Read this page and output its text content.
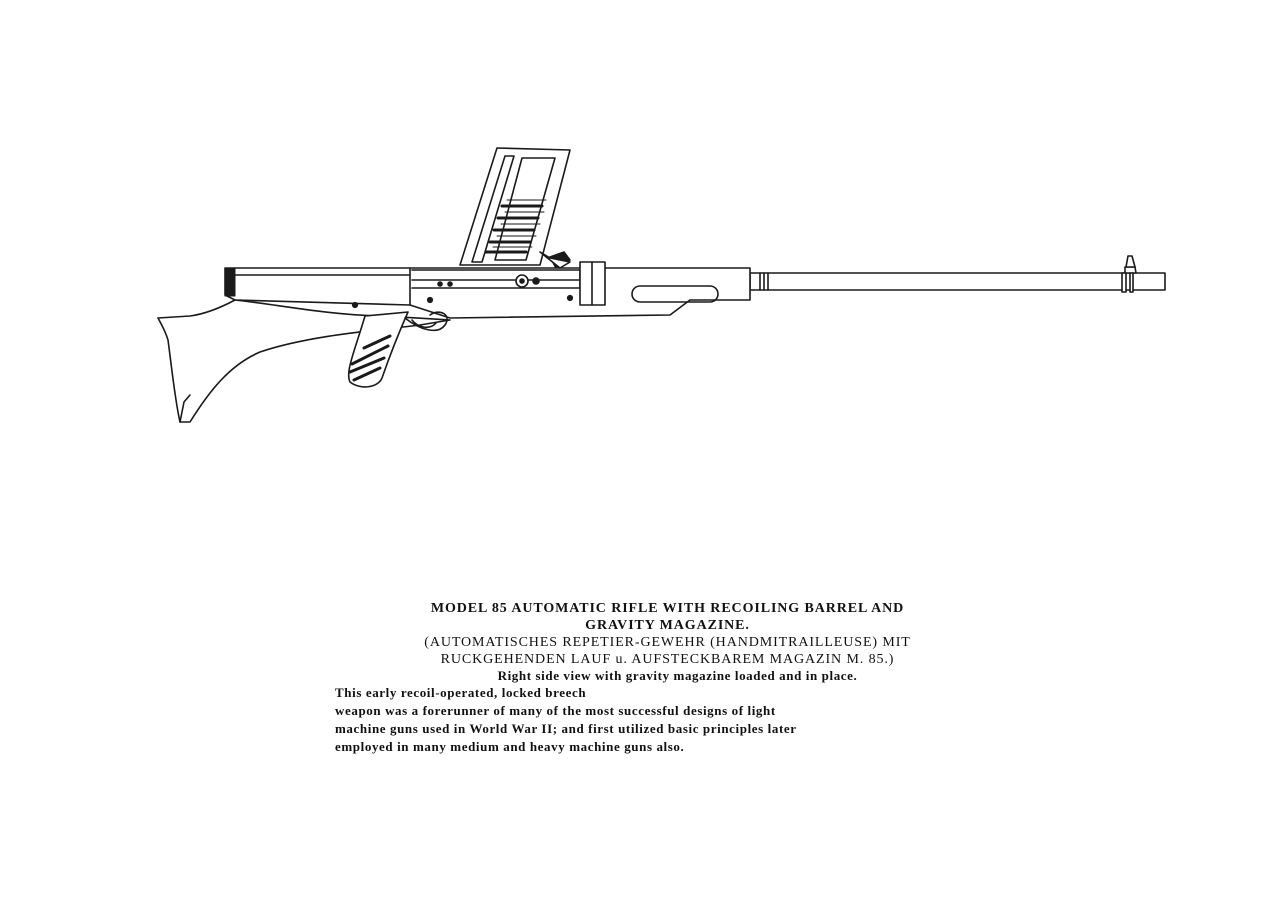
MODEL 85 AUTOMATIC RIFLE WITH RECOILING BARREL AND

GRAVITY MAGAZINE.

(AUTOMATISCHES REPETIER-GEWEHR (HANDMITRAILLEUSE) MIT

RUCKGEHENDEN LAUF u. AUFSTECKBAREM MAGAZIN M. 85.)

Right side view with gravity magazine loaded and in place.

This early recoil-operated, locked breech
weapon was a forerunner of many of the most successful designs of light
machine guns used in World War II; and first utilized basic principles later
employed in many medium and heavy machine guns also.
